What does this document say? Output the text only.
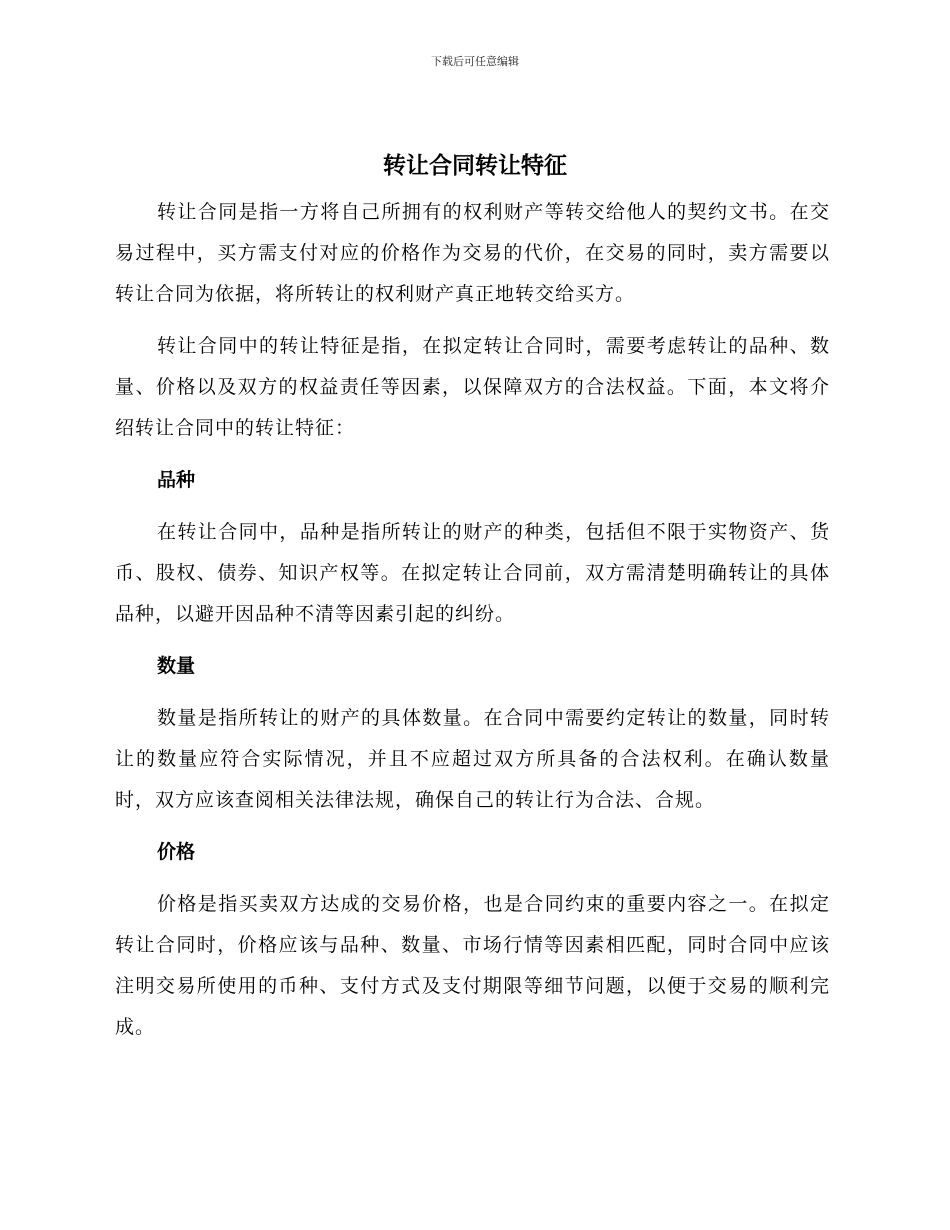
下载后可任意编辑
转让合同转让特征

转让合同是指一方将自己所拥有的权利财产等转交给他人的契约文书。在交易过程中，买方需支付对应的价格作为交易的代价，在交易的同时，卖方需要以转让合同为依据，将所转让的权利财产真正地转交给买方。

转让合同中的转让特征是指，在拟定转让合同时，需要考虑转让的品种、数量、价格以及双方的权益责任等因素，以保障双方的合法权益。下面，本文将介绍转让合同中的转让特征：

品种

在转让合同中，品种是指所转让的财产的种类，包括但不限于实物资产、货币、股权、债券、知识产权等。在拟定转让合同前，双方需清楚明确转让的具体品种，以避开因品种不清等因素引起的纠纷。

数量

数量是指所转让的财产的具体数量。在合同中需要约定转让的数量，同时转让的数量应符合实际情况，并且不应超过双方所具备的合法权利。在确认数量时，双方应该查阅相关法律法规，确保自己的转让行为合法、合规。

价格

价格是指买卖双方达成的交易价格，也是合同约束的重要内容之一。在拟定转让合同时，价格应该与品种、数量、市场行情等因素相匹配，同时合同中应该注明交易所使用的币种、支付方式及支付期限等细节问题，以便于交易的顺利完成。
